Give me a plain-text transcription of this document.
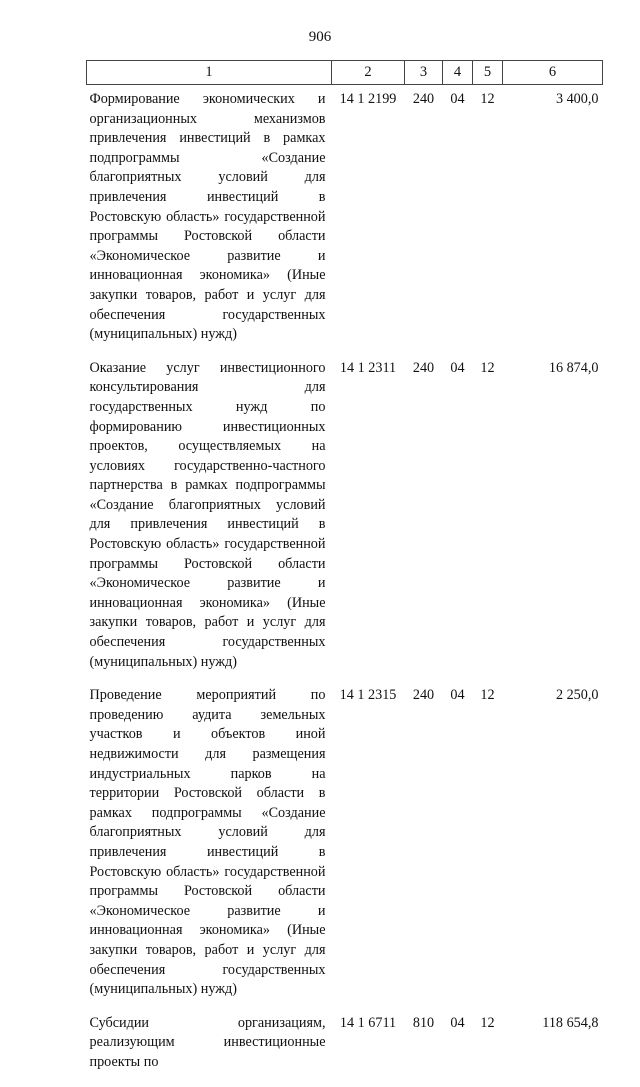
906
1	2	3	4	5	6
Формирование экономических и организационных механизмов привлечения инвестиций в рамках подпрограммы «Создание благоприятных условий для привлечения инвестиций в Ростовскую область» государственной программы Ростовской области «Экономическое развитие и инновационная экономика» (Иные закупки товаров, работ и услуг для обеспечения государственных (муниципальных) нужд)	14 1 2199	240	04	12	3 400,0
Оказание услуг инвестиционного консультирования для государственных нужд по формированию инвестиционных проектов, осуществляемых на условиях государственно-частного партнерства в рамках подпрограммы «Создание благоприятных условий для привлечения инвестиций в Ростовскую область» государственной программы Ростовской области «Экономическое развитие и инновационная экономика» (Иные закупки товаров, работ и услуг для обеспечения государственных (муниципальных) нужд)	14 1 2311	240	04	12	16 874,0
Проведение мероприятий по проведению аудита земельных участков и объектов иной недвижимости для размещения индустриальных парков на территории Ростовской области в рамках подпрограммы «Создание благоприятных условий для привлечения инвестиций в Ростовскую область» государственной программы Ростовской области «Экономическое развитие и инновационная экономика» (Иные закупки товаров, работ и услуг для обеспечения государственных (муниципальных) нужд)	14 1 2315	240	04	12	2 250,0
Субсидии организациям, реализующим инвестиционные проекты по	14 1 6711	810	04	12	118 654,8
